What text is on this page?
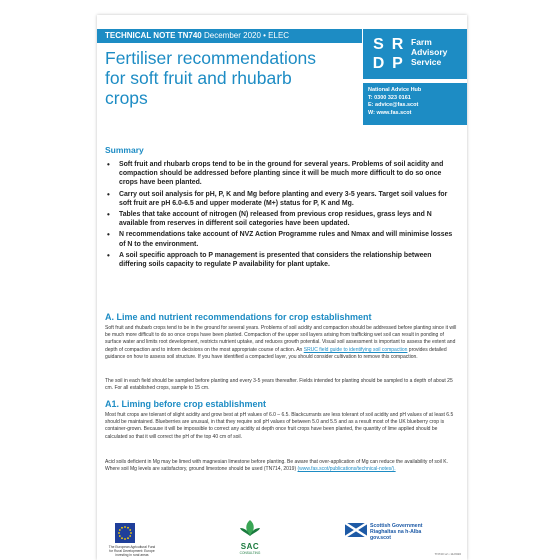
TECHNICAL NOTE TN740 December 2020 • ELEC
Fertiliser recommendations
for soft fruit and rhubarb
crops
S R
D P
Farm
Advisory
Service
National Advice Hub
T: 0300 323 0161
E: advice@fas.scot
W: www.fas.scot
Summary
• Soft fruit and rhubarb crops tend to be in the ground for several years. Problems of soil acidity and compaction should be addressed before planting since it will be much more difficult to do so once crops have been planted.
• Carry out soil analysis for pH, P, K and Mg before planting and every 3-5 years. Target soil values for soft fruit are pH 6.0-6.5 and upper moderate (M+) status for P, K and Mg.
• Tables that take account of nitrogen (N) released from previous crop residues, grass leys and N available from reserves in different soil categories have been updated.
• N recommendations take account of NVZ Action Programme rules and Nmax and will minimise losses of N to the environment.
• A soil specific approach to P management is presented that considers the relationship between differing soils capacity to regulate P availability for plant uptake.
A. Lime and nutrient recommendations for crop establishment
Soft fruit and rhubarb crops tend to be in the ground for several years. Problems of soil acidity and compaction should be addressed before planting since it will be much more difficult to do so once crops have been planted. Compaction of the upper soil layers arising from trafficking wet soil can result in ponding of surface water and limits root development, restricts nutrient uptake, and reduces growth potential. Visual soil assessment is important to assess the extent and depth of compaction and to inform decisions on the most appropriate course of action. An SRUC field guide to identifying soil compaction provides detailed guidance on how to assess soil structure. If you have identified a compacted layer, you should consider cultivation to remove this compaction.
The soil in each field should be sampled before planting and every 3-5 years thereafter. Fields intended for planting should be sampled to a depth of about 25 cm. For all established crops, sample to 15 cm.
A1. Liming before crop establishment
Most fruit crops are tolerant of slight acidity and grow best at pH values of 6.0 – 6.5. Blackcurrants are less tolerant of soil acidity and pH values of at least 6.5 should be maintained. Blueberries are unusual, in that they require soil pH values of between 5.0 and 5.5 and as a result most of the UK blueberry crop is container-grown. Because it will be impossible to correct any acidity at depth once fruit crops have been planted, the quantity of lime applied should be calculated so that it will correct the pH of the top 40 cm of soil.
Acid soils deficient in Mg may be limed with magnesian limestone before planting. Be aware that over-application of Mg can reduce the availability of soil K. Where soil Mg levels are satisfactory, ground limestone should be used (TN714, 2019) (www.fas.scot/publications/technical-notes/).
The European Agricultural Fund for Rural Development: Europe investing in rural areas
SAC
CONSULTING
Scottish Government
Riaghaltas na h-Alba
gov.scot
TN740 v2 • 11/2020
